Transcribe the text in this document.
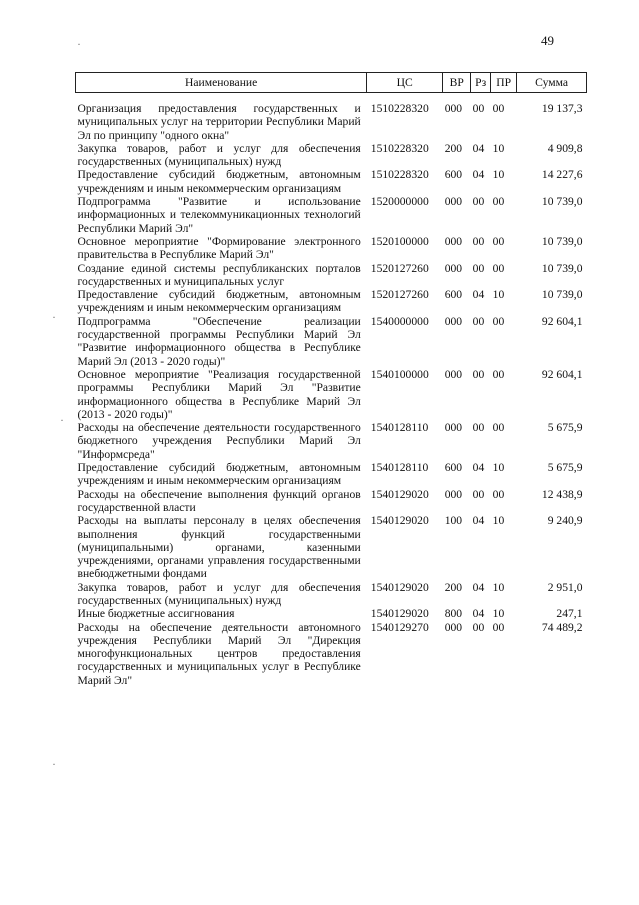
49
·
·
·
·
Наименование	ЦС	ВР	Рз	ПР	Сумма
Организация предоставления государственных и муниципальных услуг на территории Республики Марий Эл по принципу "одного окна"	1510228320	000	00	00	19 137,3
Закупка товаров, работ и услуг для обеспечения государственных (муниципальных) нужд	1510228320	200	04	10	4 909,8
Предоставление субсидий бюджетным, автономным учреждениям и иным некоммерческим организациям	1510228320	600	04	10	14 227,6
Подпрограмма "Развитие и использование информационных и телекоммуникационных технологий Республики Марий Эл"	1520000000	000	00	00	10 739,0
Основное мероприятие "Формирование электронного правительства в Республике Марий Эл"	1520100000	000	00	00	10 739,0
Создание единой системы республиканских порталов государственных и муниципальных услуг	1520127260	000	00	00	10 739,0
Предоставление субсидий бюджетным, автономным учреждениям и иным некоммерческим организациям	1520127260	600	04	10	10 739,0
Подпрограмма "Обеспечение реализации государственной программы Республики Марий Эл "Развитие информационного общества в Республике Марий Эл (2013 - 2020 годы)"	1540000000	000	00	00	92 604,1
Основное мероприятие "Реализация государственной программы Республики Марий Эл "Развитие информационного общества в Республике Марий Эл (2013 - 2020 годы)"	1540100000	000	00	00	92 604,1
Расходы на обеспечение деятельности государственного бюджетного учреждения Республики Марий Эл "Информсреда"	1540128110	000	00	00	5 675,9
Предоставление субсидий бюджетным, автономным учреждениям и иным некоммерческим организациям	1540128110	600	04	10	5 675,9
Расходы на обеспечение выполнения функций органов государственной власти	1540129020	000	00	00	12 438,9
Расходы на выплаты персоналу в целях обеспечения выполнения функций государственными (муниципальными) органами, казенными учреждениями, органами управления государственными внебюджетными фондами	1540129020	100	04	10	9 240,9
Закупка товаров, работ и услуг для обеспечения государственных (муниципальных) нужд	1540129020	200	04	10	2 951,0
Иные бюджетные ассигнования	1540129020	800	04	10	247,1
Расходы на обеспечение деятельности автономного учреждения Республики Марий Эл "Дирекция многофункциональных центров предоставления государственных и муниципальных услуг в Республике Марий Эл"	1540129270	000	00	00	74 489,2
